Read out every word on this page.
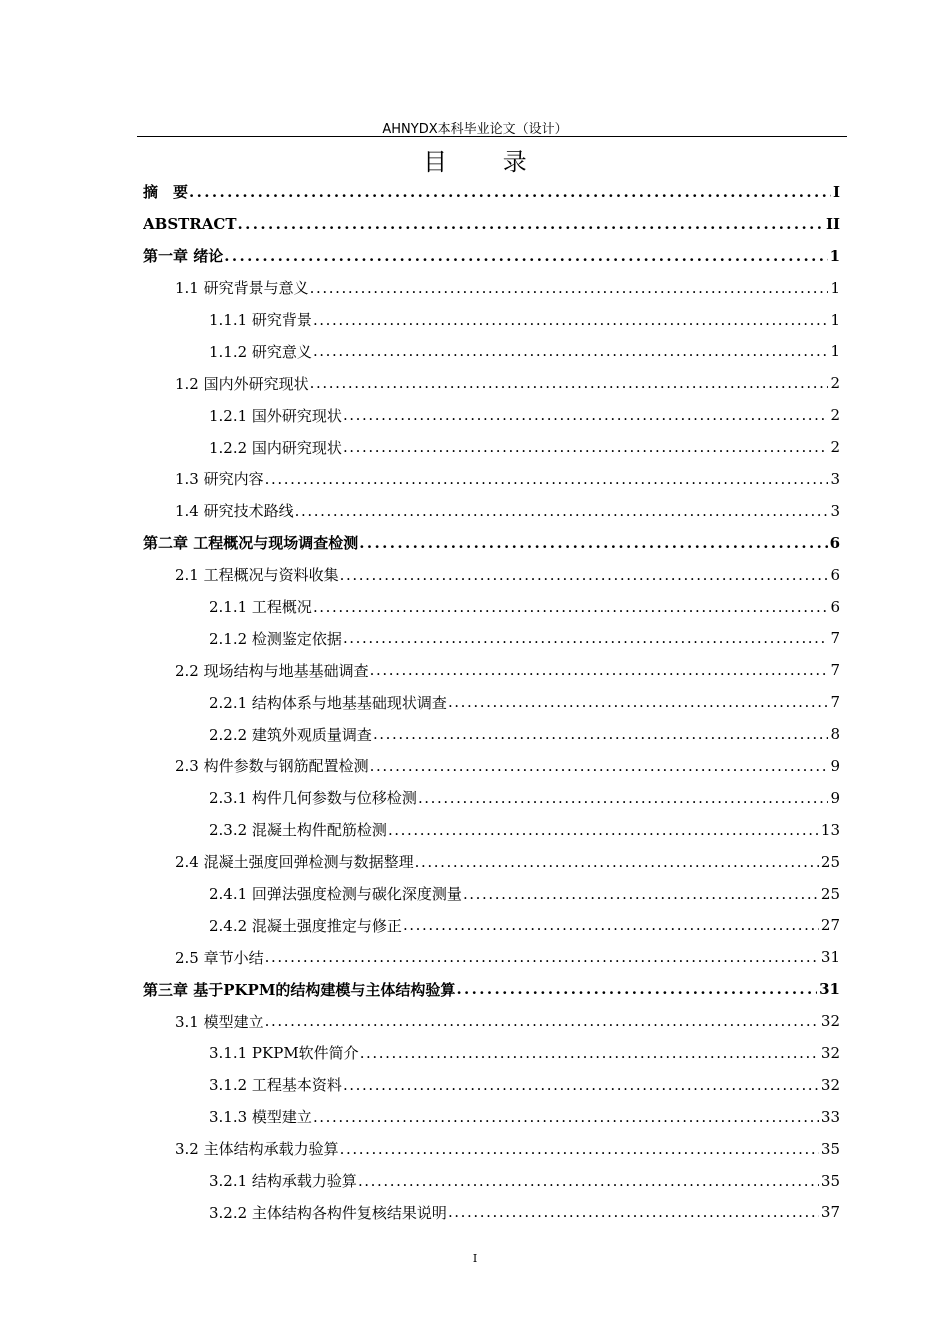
AHNYDX本科毕业论文（设计）
目 录
摘　要 .....	I
ABSTRACT .....	II
第一章 绪论 .....	1
1.1 研究背景与意义 .....	1
1.1.1 研究背景 .....	1
1.1.2 研究意义 .....	1
1.2 国内外研究现状 .....	2
1.2.1 国外研究现状 .....	2
1.2.2 国内研究现状 .....	2
1.3 研究内容 .....	3
1.4 研究技术路线 .....	3
第二章 工程概况与现场调查检测 .....	6
2.1 工程概况与资料收集 .....	6
2.1.1 工程概况 .....	6
2.1.2 检测鉴定依据 .....	7
2.2 现场结构与地基基础调查 .....	7
2.2.1 结构体系与地基基础现状调查 .....	7
2.2.2 建筑外观质量调查 .....	8
2.3 构件参数与钢筋配置检测 .....	9
2.3.1 构件几何参数与位移检测 .....	9
2.3.2 混凝土构件配筋检测 .....	13
2.4 混凝土强度回弹检测与数据整理 .....	25
2.4.1 回弹法强度检测与碳化深度测量 .....	25
2.4.2 混凝土强度推定与修正 .....	27
2.5 章节小结 .....	31
第三章 基于PKPM的结构建模与主体结构验算 .....	31
3.1 模型建立 .....	32
3.1.1 PKPM软件简介 .....	32
3.1.2 工程基本资料 .....	32
3.1.3 模型建立 .....	33
3.2 主体结构承载力验算 .....	35
3.2.1 结构承载力验算 .....	35
3.2.2 主体结构各构件复核结果说明 .....	37
I
